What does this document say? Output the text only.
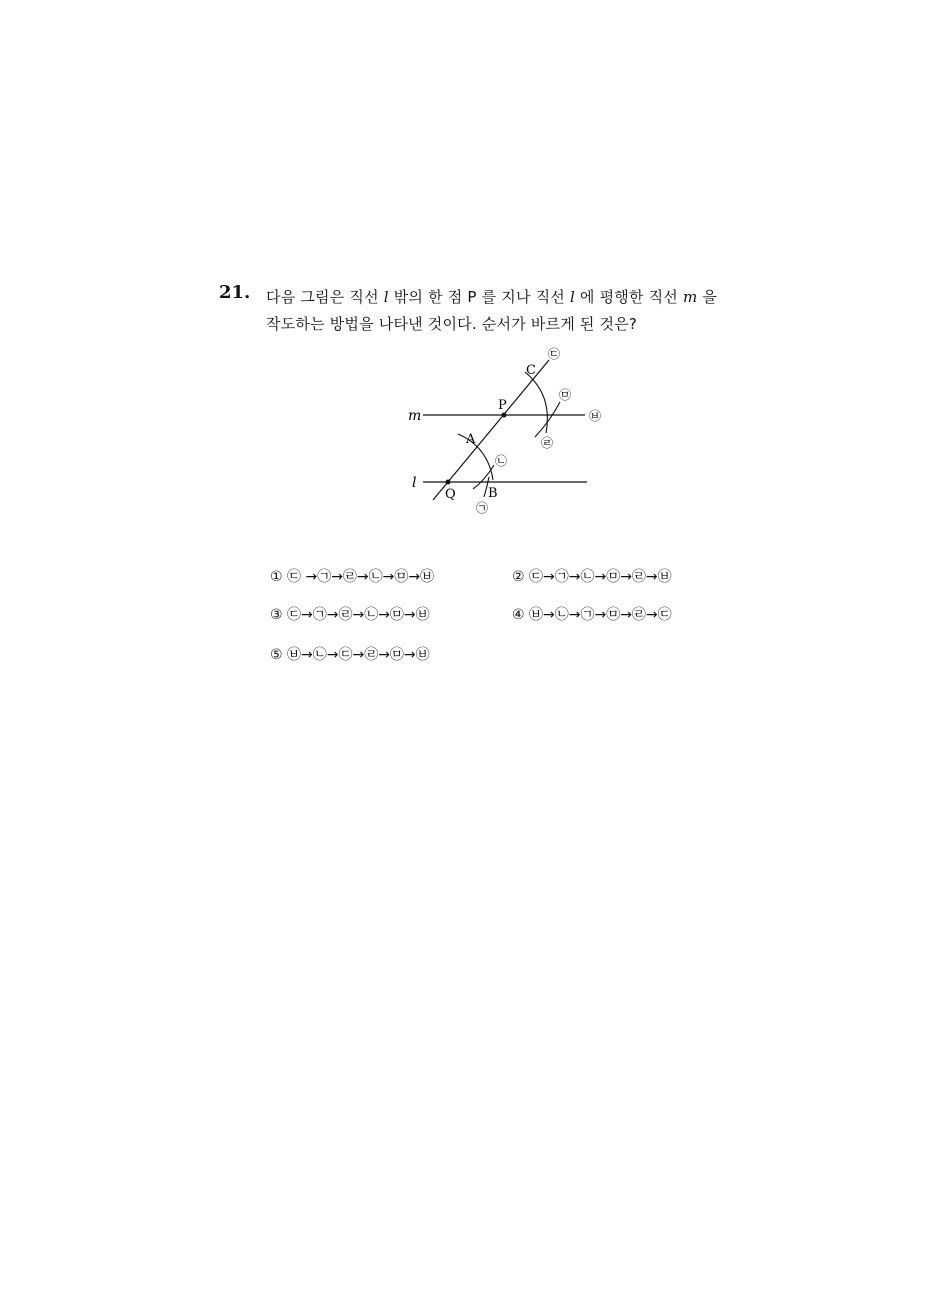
21. 다음 그림은 직선 l 밖의 한 점 P 를 지나 직선 l 에 평행한 직선 m 을
작도하는 방법을 나타낸 것이다. 순서가 바르게 된 것은?
m
l
P
Q
A
B
C
㉢
㉤
㉥
㉣
㉡
㉠
① ㉢ →㉠→㉣→㉡→㉤→㉥	② ㉢→㉠→㉡→㉤→㉣→㉥
③ ㉢→㉠→㉣→㉡→㉤→㉥	④ ㉥→㉡→㉠→㉤→㉣→㉢
⑤ ㉥→㉡→㉢→㉣→㉤→㉥
